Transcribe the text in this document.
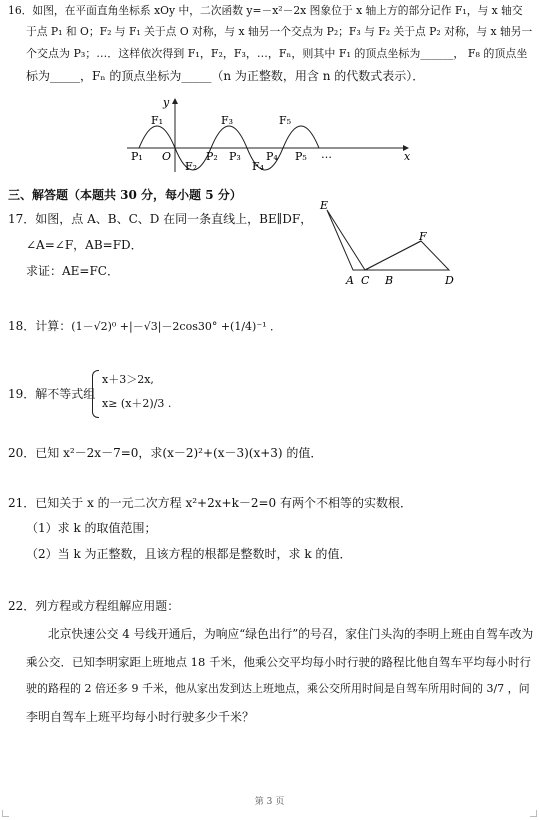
16．如图，在平面直角坐标系 xOy 中，二次函数 y=－x²－2x 图象位于 x 轴上方的部分记作 F₁，与 x 轴交
于点 P₁ 和 O；F₂ 与 F₁ 关于点 O 对称，与 x 轴另一个交点为 P₂；F₃ 与 F₂ 关于点 P₂ 对称，与 x 轴另一
个交点为 P₃；…．这样依次得到 F₁，F₂，F₃，…，Fₙ，则其中 F₁ 的顶点坐标为______， F₈ 的顶点坐
标为_____，Fₙ 的顶点坐标为_____（n 为正整数，用含 n 的代数式表示）．
x
y
O
P₁	P₂ P₃ P₄ P₅
F₁
F₂
F₃
F₄
F₅
…
三、解答题（本题共 30 分，每小题 5 分）
17．如图，点 A、B、C、D 在同一条直线上，BE∥DF，
∠A=∠F，AB=FD．
求证：AE=FC．
E
F
A C B	D
18．计算：(1－√2)⁰ +|－√3|－2cos30° +(1/4)⁻¹ ．
19．解不等式组
x＋3＞2x,
x≥ (x＋2)/3 .
20．已知 x²－2x－7=0，求(x－2)²+(x－3)(x+3) 的值．
21．已知关于 x 的一元二次方程 x²+2x+k－2=0 有两个不相等的实数根．
（1）求 k 的取值范围；
（2）当 k 为正整数，且该方程的根都是整数时，求 k 的值．
22．列方程或方程组解应用题：
北京快速公交 4 号线开通后，为响应“绿色出行”的号召，家住门头沟的李明上班由自驾车改为
乘公交．已知李明家距上班地点 18 千米，他乘公交平均每小时行驶的路程比他自驾车平均每小时行
驶的路程的 2 倍还多 9 千米，他从家出发到达上班地点，乘公交所用时间是自驾车所用时间的 3/7 ，问
李明自驾车上班平均每小时行驶多少千米？
第 3 页
